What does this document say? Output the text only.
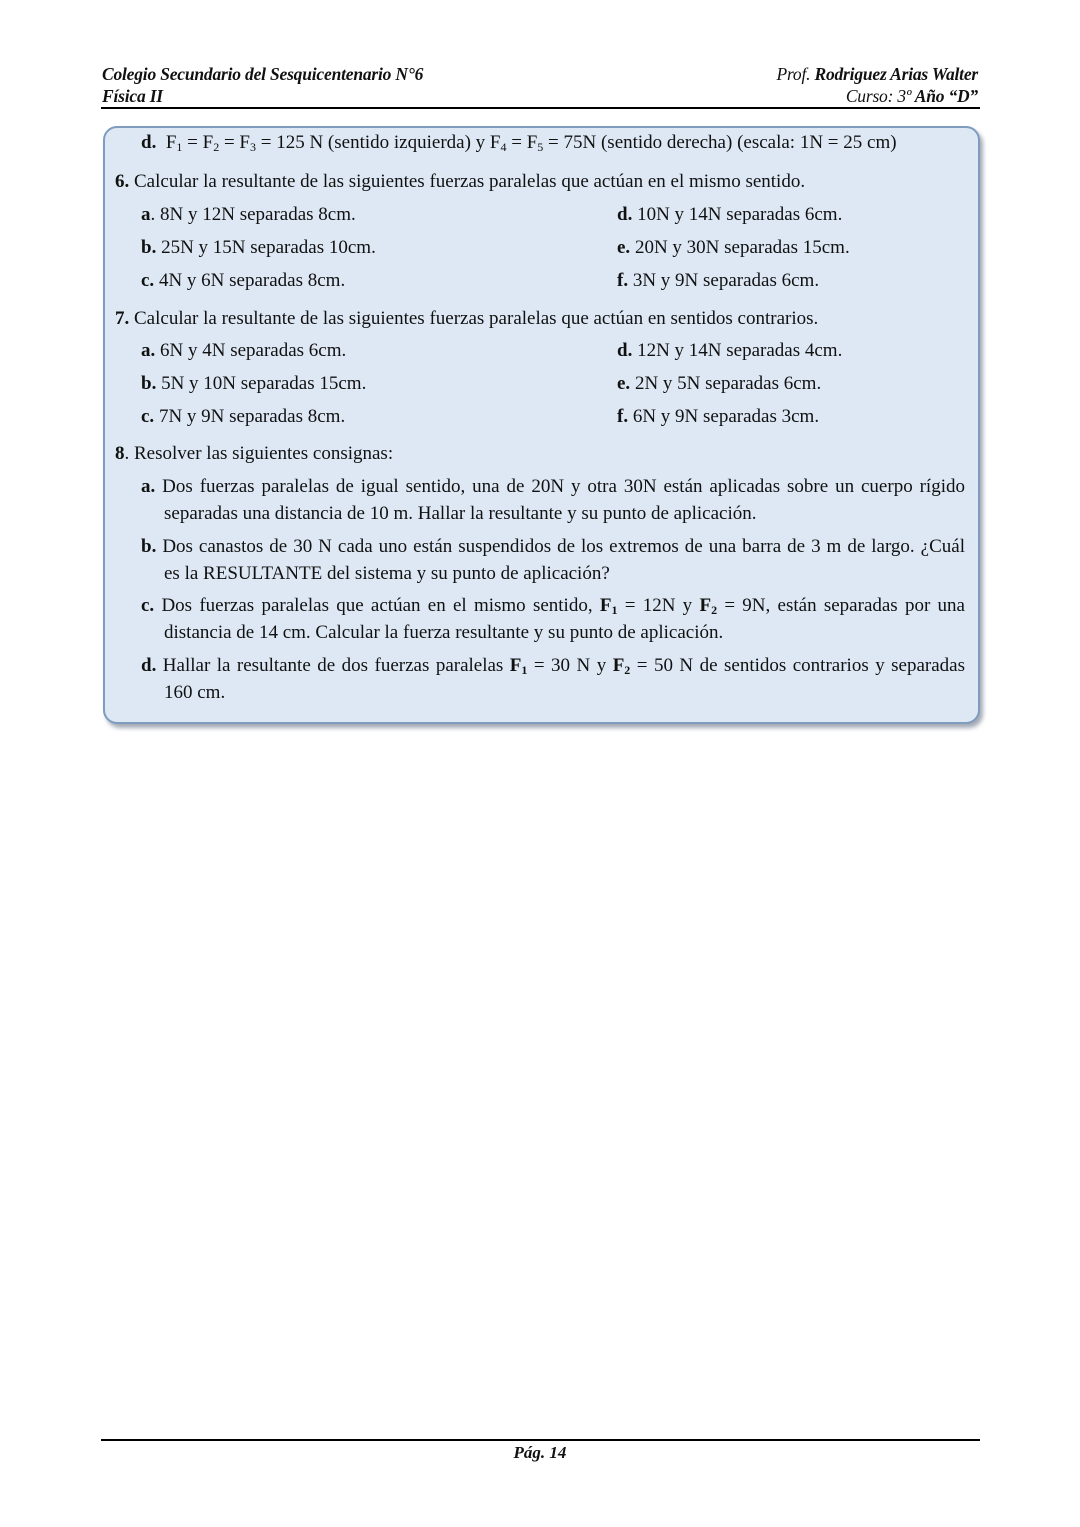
Colegio Secundario del Sesquicentenario N°6
Física II
Prof. Rodriguez Arias Walter
Curso: 3º Año “D”
d. $F_1 = F_2 = F_3 = 125$ N (sentido izquierda) y $F_4 = F_5 = 75N$ (sentido derecha) (escala: 1N = 25 cm)
6. Calcular la resultante de las siguientes fuerzas paralelas que actúan en el mismo sentido.
a. 8N y 12N separadas 8cm.
b. 25N y 15N separadas 10cm.
c. 4N y 6N separadas 8cm.
d. 10N y 14N separadas 6cm.
e. 20N y 30N separadas 15cm.
f. 3N y 9N separadas 6cm.
7. Calcular la resultante de las siguientes fuerzas paralelas que actúan en sentidos contrarios.
a. 6N y 4N separadas 6cm.
b. 5N y 10N separadas 15cm.
c. 7N y 9N separadas 8cm.
d. 12N y 14N separadas 4cm.
e. 2N y 5N separadas 6cm.
f. 6N y 9N separadas 3cm.
8. Resolver las siguientes consignas:
a. Dos fuerzas paralelas de igual sentido, una de 20N y otra 30N están aplicadas sobre un cuerpo rígido
separadas una distancia de 10 m. Hallar la resultante y su punto de aplicación.
b. Dos canastos de 30 N cada uno están suspendidos de los extremos de una barra de 3 m de largo. ¿Cuál
es la RESULTANTE del sistema y su punto de aplicación?
c. Dos fuerzas paralelas que actúan en el mismo sentido, $F_1 = 12N$ y $F_2 = 9N$, están separadas por una
distancia de 14 cm. Calcular la fuerza resultante y su punto de aplicación.
d. Hallar la resultante de dos fuerzas paralelas $F_1 = 30$ N y $F_2 = 50$ N de sentidos contrarios y separadas
160 cm.
Pág. 14
